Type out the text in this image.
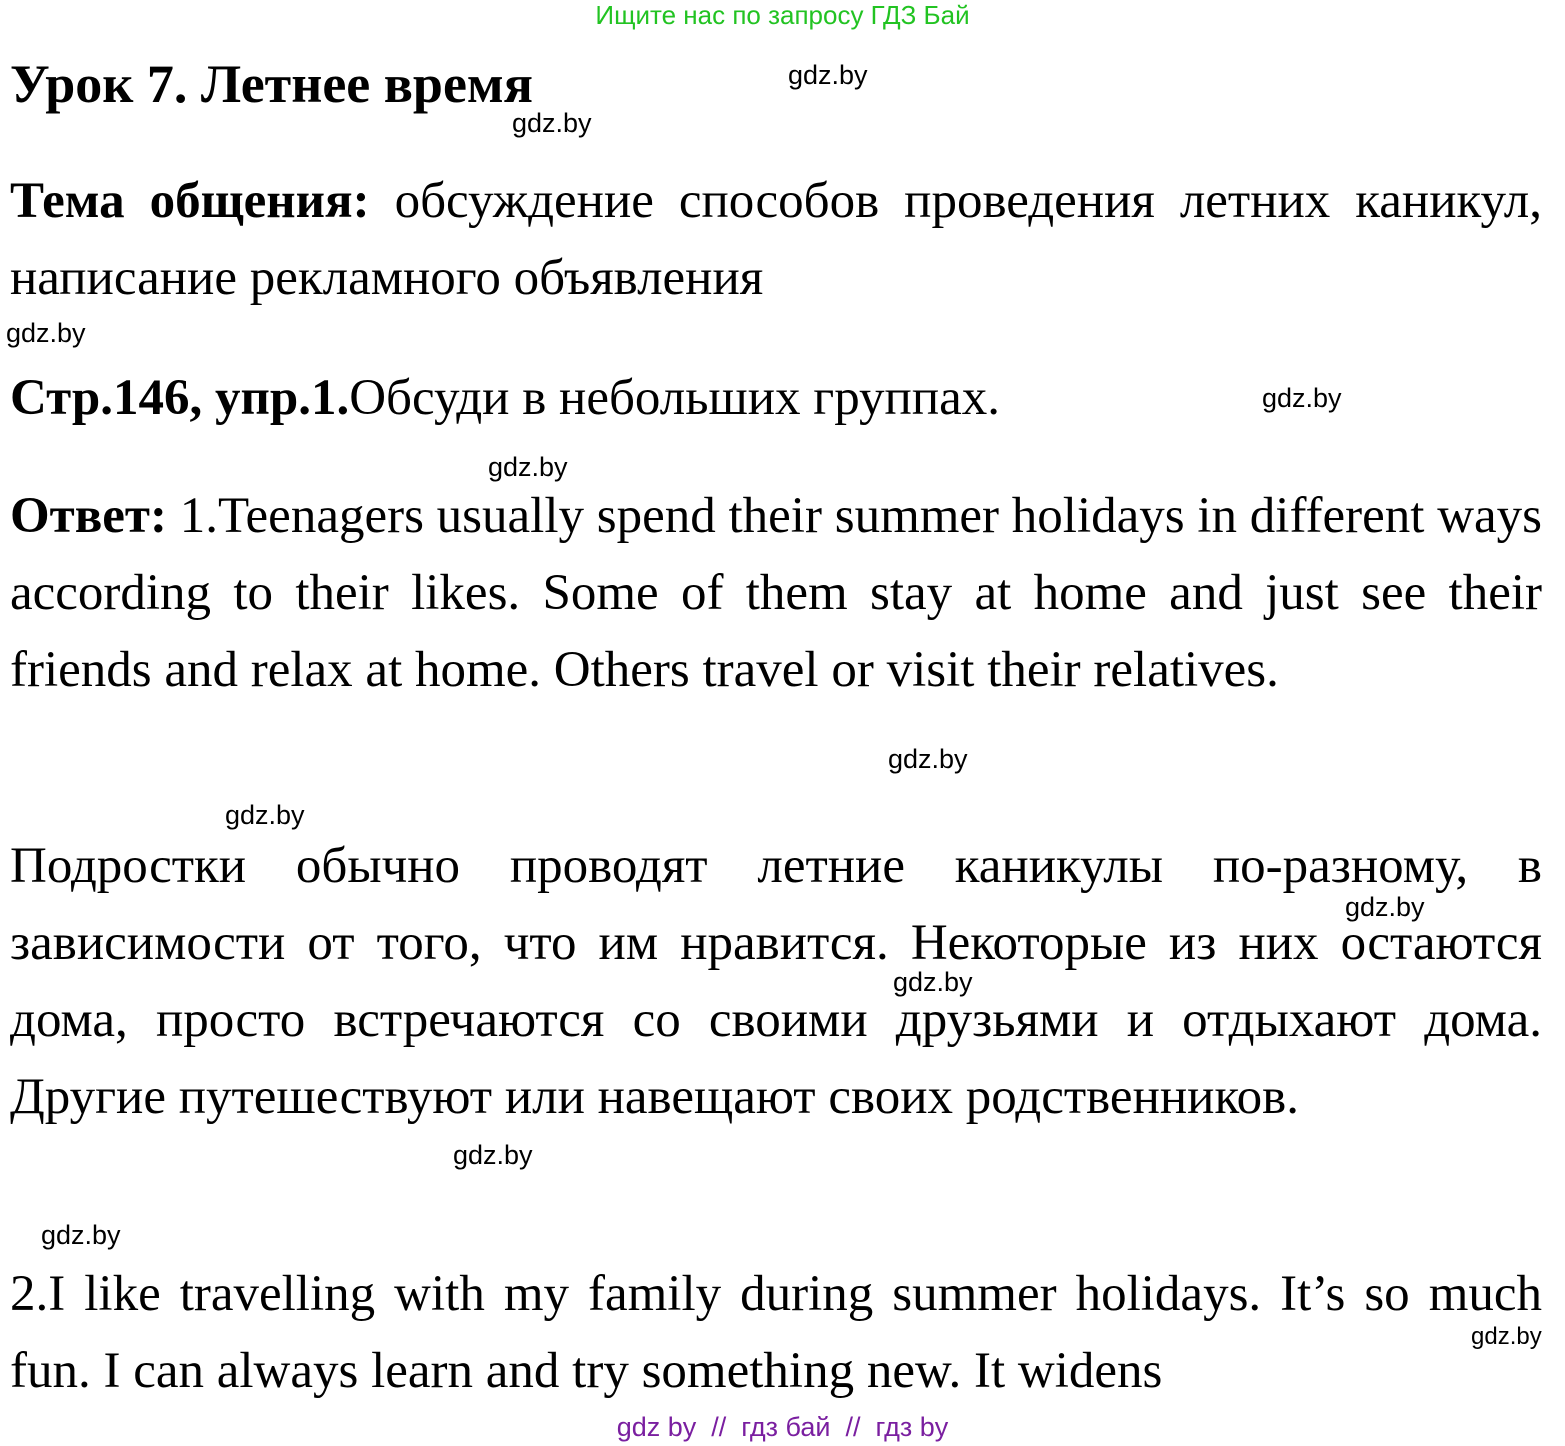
Ищите нас по запросу ГДЗ Бай
Урок 7. Летнее время

Тема общения: обсуждение способов проведения летних каникул, написание рекламного объявления

Стр.146, упр.1.Обсуди в небольших группах.

Ответ: 1.Teenagers usually spend their summer holidays in different ways according to their likes. Some of them stay at home and just see their friends and relax at home. Others travel or visit their relatives.

Подростки обычно проводят летние каникулы по-разному, в зависимости от того, что им нравится. Некоторые из них остаются дома, просто встречаются со своими друзьями и отдыхают дома. Другие путешествуют или навещают своих родственников.

2.I like travelling with my family during summer holidays. It’s so much fun. I can always learn and try something new. It widens

gdz.by
gdz.by
gdz.by
gdz.by
gdz.by
gdz.by
gdz.by
gdz.by
gdz.by
gdz.by
gdz.by
gdz.by
gdz by  //  гдз бай  //  гдз by
